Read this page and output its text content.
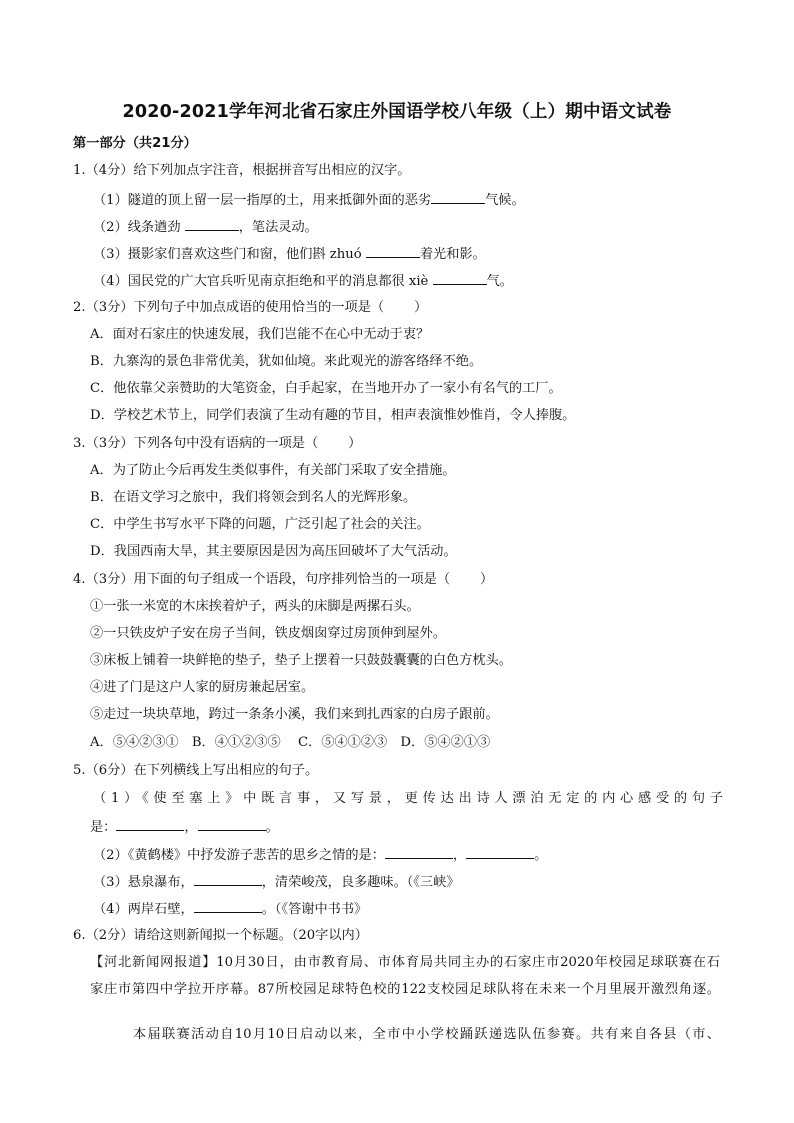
2020-2021学年河北省石家庄外国语学校八年级（上）期中语文试卷
第一部分（共21分）
1.（4分）给下列加点字注音，根据拼音写出相应的汉字。
（1）隧道的顶上留一层一指厚的土，用来抵御外面的恶劣	气候。
（2）线条遒劲	，笔法灵动。
（3）摄影家们喜欢这些门和窗，他们斟 zhuó	着光和影。
（4）国民党的广大官兵听见南京拒绝和平的消息都很 xiè	气。
2.（3分）下列句子中加点成语的使用恰当的一项是（ ）
A．面对石家庄的快速发展，我们岂能不在心中无动于衷？
B．九寨沟的景色非常优美，犹如仙境。来此观光的游客络绎不绝。
C．他依靠父亲赞助的大笔资金，白手起家，在当地开办了一家小有名气的工厂。
D．学校艺术节上，同学们表演了生动有趣的节目，相声表演惟妙惟肖，令人捧腹。
3.（3分）下列各句中没有语病的一项是（ ）
A．为了防止今后再发生类似事件，有关部门采取了安全措施。
B．在语文学习之旅中，我们将领会到名人的光辉形象。
C．中学生书写水平下降的问题，广泛引起了社会的关注。
D．我国西南大旱，其主要原因是因为高压回破坏了大气活动。
4.（3分）用下面的句子组成一个语段，句序排列恰当的一项是（ ）
①一张一米宽的木床挨着炉子，两头的床脚是两摞石头。
②一只铁皮炉子安在房子当间，铁皮烟囱穿过房顶伸到屋外。
③床板上铺着一块鲜艳的垫子，垫子上摆着一只鼓鼓囊囊的白色方枕头。
④进了门是这户人家的厨房兼起居室。
⑤走过一块块草地，跨过一条条小溪，我们来到扎西家的白房子跟前。
A．⑤④②③①　B．④①②③⑤　 C．⑤④①②③　D．⑤④②①③
5.（6分）在下列横线上写出相应的句子。
（1）《使至塞上》中既言事，又写景，更传达出诗人漂泊无定的内心感受的句子
是：	，	。
（2）《黄鹤楼》中抒发游子悲苦的思乡之情的是：	，	。
（3）悬泉瀑布，	，清荣峻茂，良多趣味。（《三峡》
（4）两岸石壁，	。（《答谢中书书》
6.（2分）请给这则新闻拟一个标题。（20字以内）
【河北新闻网报道】10月30日，由市教育局、市体育局共同主办的石家庄市2020年校园足球联赛在石
家庄市第四中学拉开序幕。87所校园足球特色校的122支校园足球队将在未来一个月里展开激烈角逐。
本届联赛活动自10月10日启动以来，全市中小学校踊跃递选队伍参赛。共有来自各县（市、
